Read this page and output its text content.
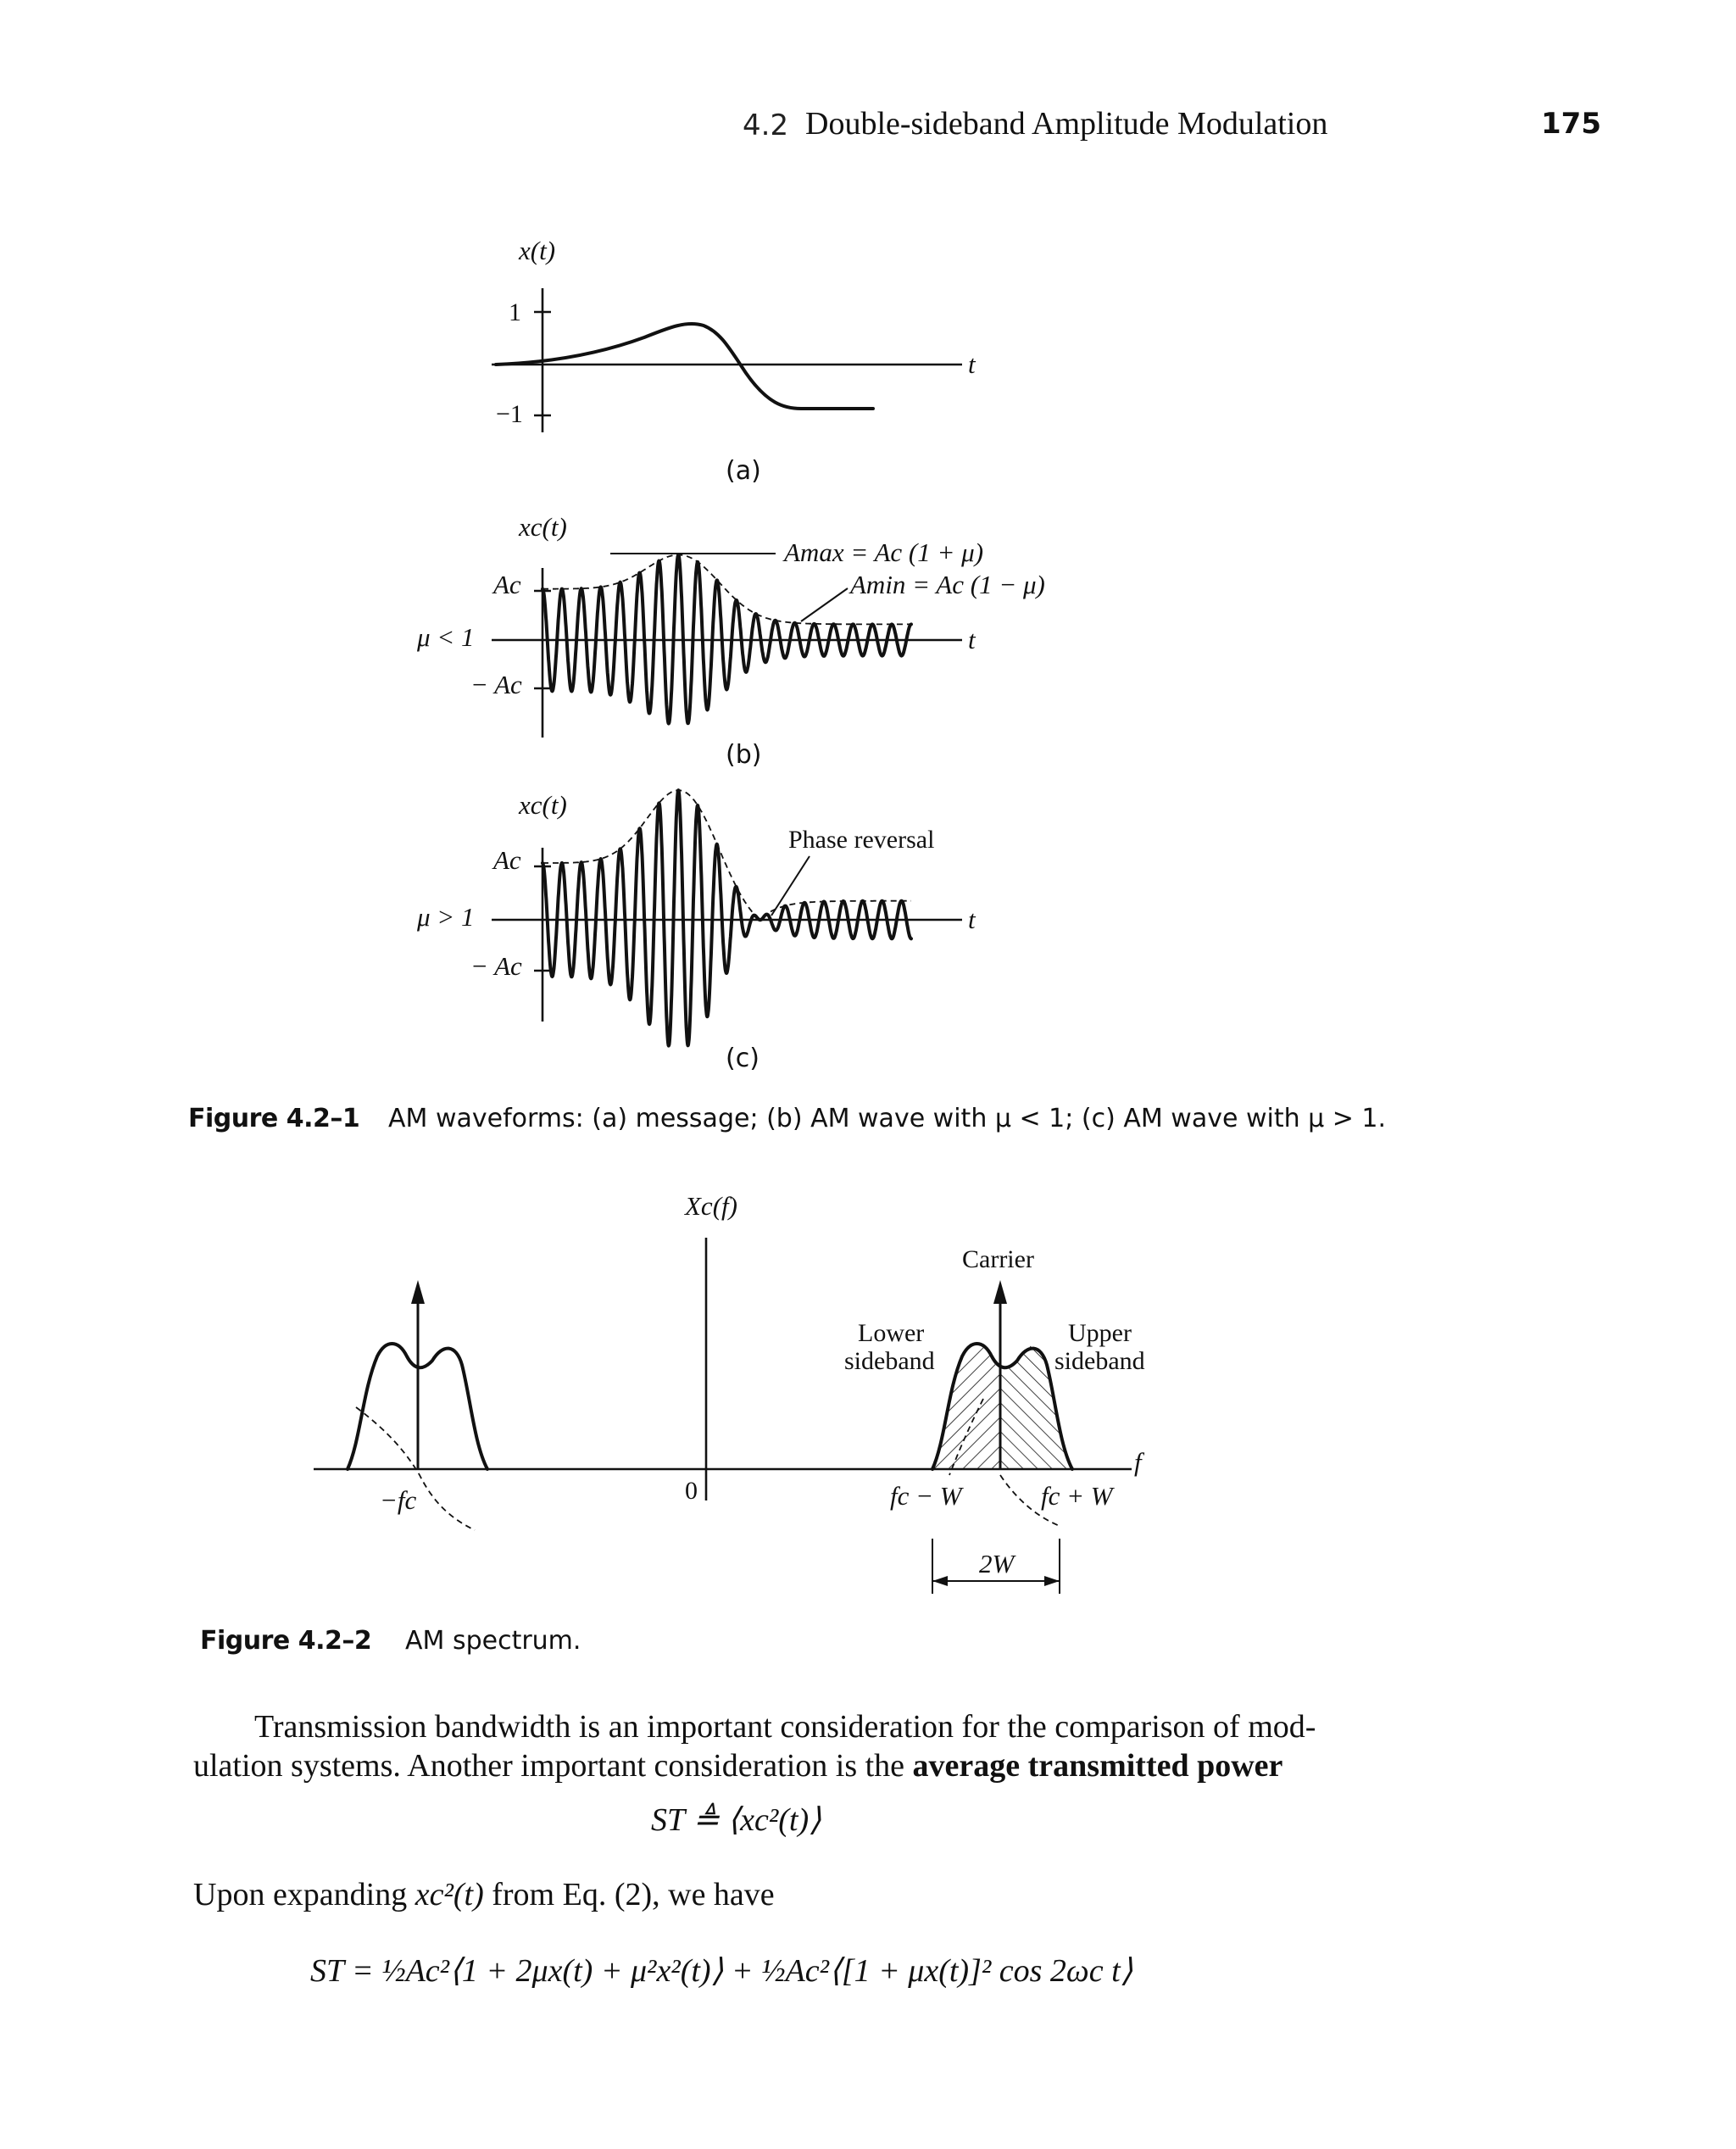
4.2 Double-sideband Amplitude Modulation	175
x(t)
1
−1
t
(a)
xc(t)
Ac
− Ac
μ < 1	t
Amax = Ac (1 + μ)
Amin = Ac (1 − μ)
(b)
xc(t)
Ac
− Ac
μ > 1	t
Phase reversal
(c)
Figure 4.2–1 AM waveforms: (a) message; (b) AM wave with μ < 1; (c) AM wave with μ > 1.
Xc(f)
f
0
−fc
Carrier
Lower
sideband
Upper
sideband
fc − W	fc + W
2W
Figure 4.2–2 AM spectrum.
Transmission bandwidth is an important consideration for the comparison of mod-
ulation systems. Another important consideration is the average transmitted power
ST ≜ ⟨xc²(t)⟩
Upon expanding xc²(t) from Eq. (2), we have
ST = ½Ac²⟨1 + 2μx(t) + μ²x²(t)⟩ + ½Ac²⟨[1 + μx(t)]² cos 2ωc t⟩
